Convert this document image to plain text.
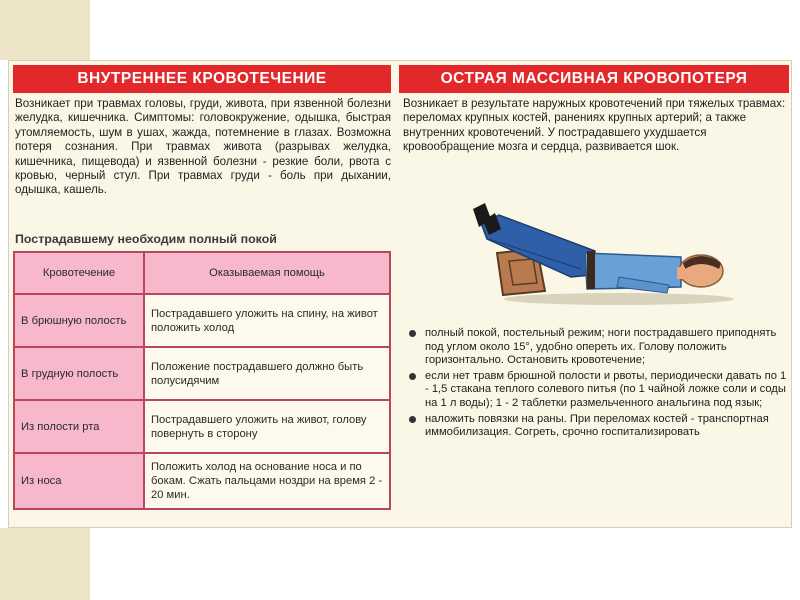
ВНУТРЕННЕЕ КРОВОТЕЧЕНИЕ

Возникает при травмах головы, груди, живота, при язвенной болезни желудка, кишечника. Симптомы: головокружение, одышка, быстрая утомляемость, шум в ушах, жажда, потемнение в глазах. Возможна потеря сознания. При травмах живота (разрывах желудка, кишечника, пищевода) и язвенной болезни - резкие боли, рвота с кровью, черный стул. При травмах груди - боль при дыхании, одышка, кашель.

Пострадавшему необходим полный покой
Кровотечение	Оказываемая помощь
В брюшную полость	Пострадавшего уложить на спину, на живот положить холод
В грудную полость	Положение пострадавшего должно быть полусидячим
Из полости рта	Пострадавшего уложить на живот, голову повернуть в сторону
Из носа	Положить холод на основание носа и по бокам. Сжать пальцами ноздри на время 2 - 20 мин.
ОСТРАЯ МАССИВНАЯ КРОВОПОТЕРЯ

Возникает в результате наружных кровотечений при тяжелых травмах: переломах крупных костей, ранениях крупных артерий; а также внутренних кровотечений. У пострадавшего ухудшается кровообращение мозга и сердца, развивается шок.

полный покой, постельный режим; ноги пострадавшего приподнять под углом около 15°, удобно опереть их. Голову положить горизонтально. Остановить кровотечение;
если нет травм брюшной полости и рвоты, периодически давать по 1 - 1,5 стакана теплого солевого питья (по 1 чайной ложке соли и соды на 1 л воды); 1 - 2 таблетки размельченного анальгина под язык;
наложить повязки на раны. При переломах костей - транспортная иммобилизация. Согреть, срочно госпитализировать
